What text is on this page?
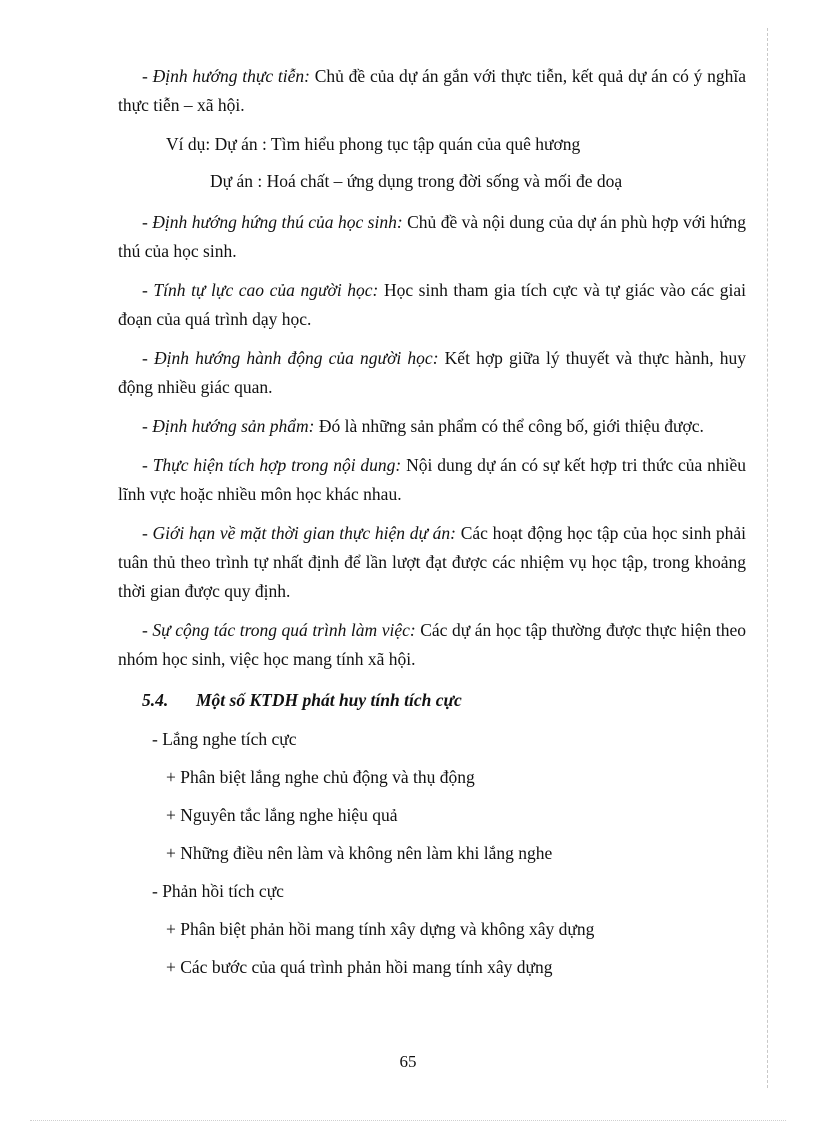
- Định hướng thực tiễn: Chủ đề của dự án gắn với thực tiễn, kết quả dự án có ý nghĩa thực tiễn – xã hội.

Ví dụ: Dự án : Tìm hiểu phong tục tập quán của quê hương

Dự án : Hoá chất – ứng dụng trong đời sống và mối đe doạ

- Định hướng hứng thú của học sinh: Chủ đề và nội dung của dự án phù hợp với hứng thú của học sinh.

- Tính tự lực cao của người học: Học sinh tham gia tích cực và tự giác vào các giai đoạn của quá trình dạy học.

- Định hướng hành động của người học: Kết hợp giữa lý thuyết và thực hành, huy động nhiều giác quan.

- Định hướng sản phẩm: Đó là những sản phẩm có thể công bố, giới thiệu được.

- Thực hiện tích hợp trong nội dung: Nội dung dự án có sự kết hợp tri thức của nhiều lĩnh vực hoặc nhiều môn học khác nhau.

- Giới hạn về mặt thời gian thực hiện dự án: Các hoạt động học tập của học sinh phải tuân thủ theo trình tự nhất định để lần lượt đạt được các nhiệm vụ học tập, trong khoảng thời gian được quy định.

- Sự cộng tác trong quá trình làm việc: Các dự án học tập thường được thực hiện theo nhóm học sinh, việc học mang tính xã hội.

5.4. Một số KTDH phát huy tính tích cực

- Lắng nghe tích cực

+ Phân biệt lắng nghe chủ động và thụ động

+ Nguyên tắc lắng nghe hiệu quả

+ Những điều nên làm và không nên làm khi lắng nghe

- Phản hồi tích cực

+ Phân biệt phản hồi mang tính xây dựng và không xây dựng

+ Các bước của quá trình phản hồi mang tính xây dựng

65
